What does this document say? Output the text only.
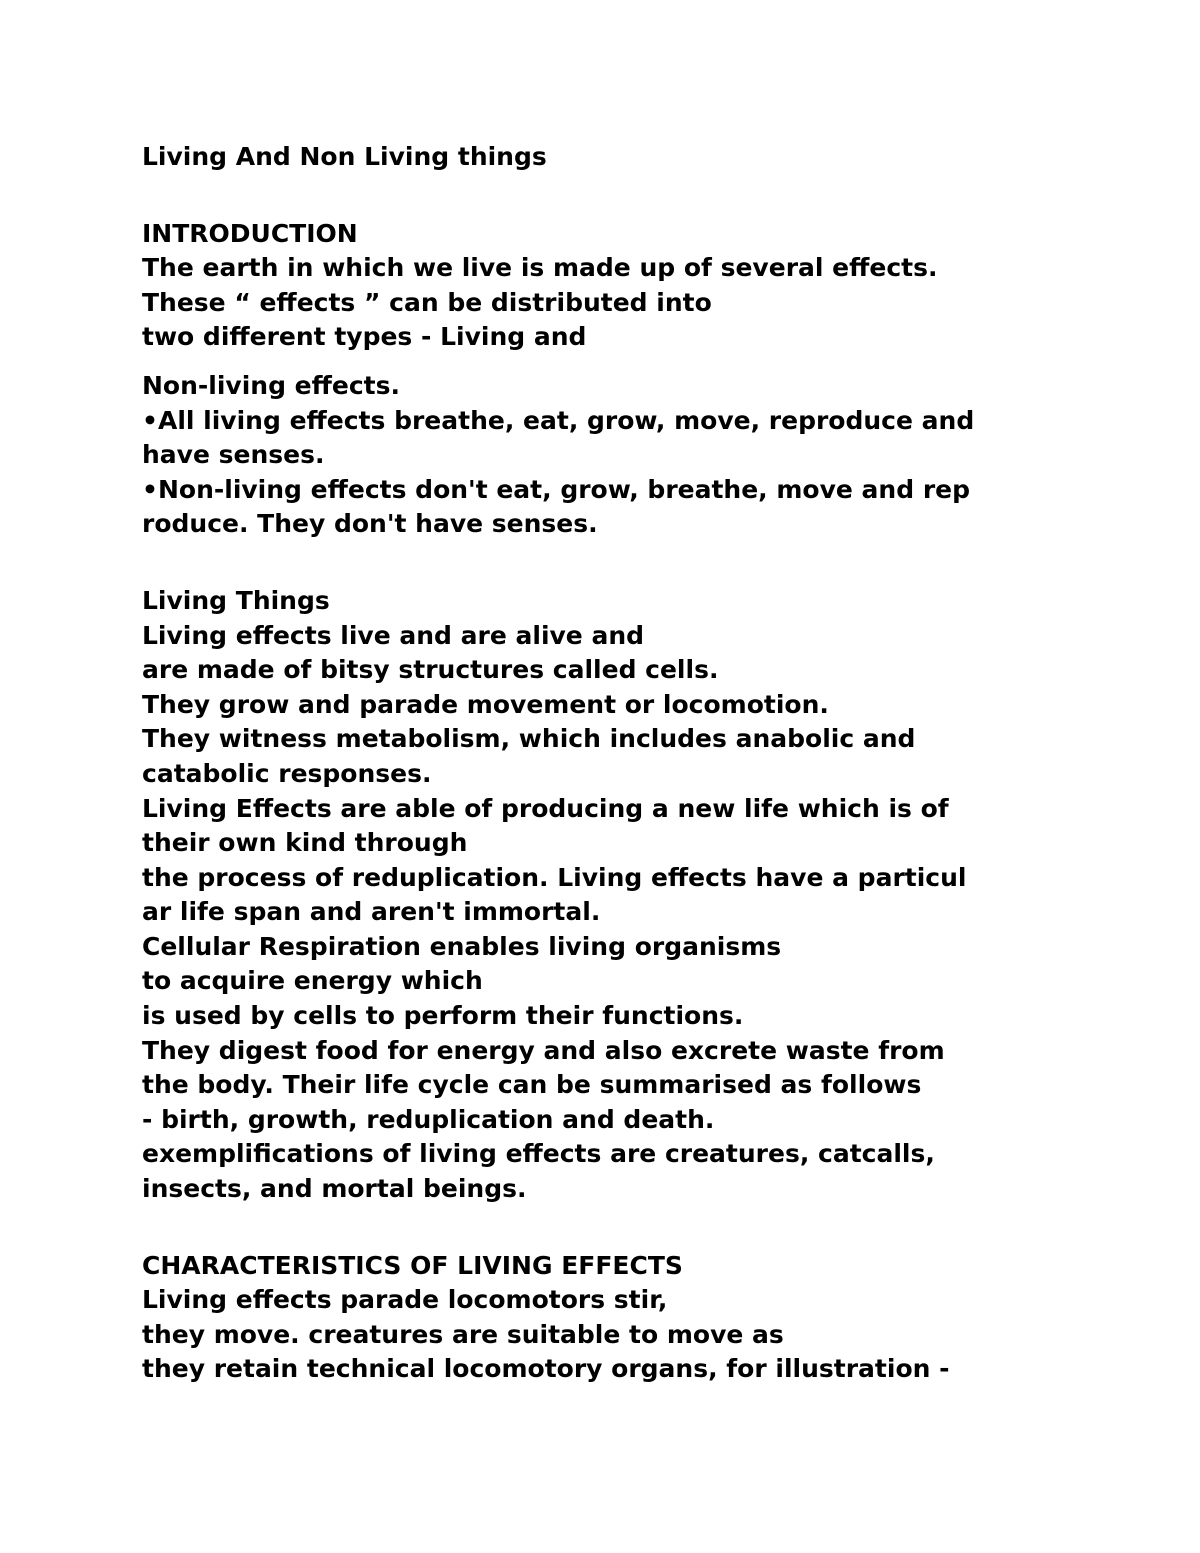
Living And Non Living things
INTRODUCTION
The earth in which we live is made up of several effects.
These “ effects ” can be distributed into
two different types - Living and
Non-living effects.
•All living effects breathe, eat, grow, move, reproduce and
have senses.
•Non-living effects don't eat, grow, breathe, move and rep
roduce. They don't have senses.
Living Things
Living effects live and are alive and
are made of bitsy structures called cells.
They grow and parade movement or locomotion.
They witness metabolism, which includes anabolic and
catabolic responses.
Living Effects are able of producing a new life which is of
their own kind through
the process of reduplication. Living effects have a particul
ar life span and aren't immortal.
Cellular Respiration enables living organisms
to acquire energy which
is used by cells to perform their functions.
They digest food for energy and also excrete waste from
the body. Their life cycle can be summarised as follows
- birth, growth, reduplication and death.
exemplifications of living effects are creatures, catcalls,
insects, and mortal beings.
CHARACTERISTICS OF LIVING EFFECTS
Living effects parade locomotors stir,
they move. creatures are suitable to move as
they retain technical locomotory organs, for illustration -
